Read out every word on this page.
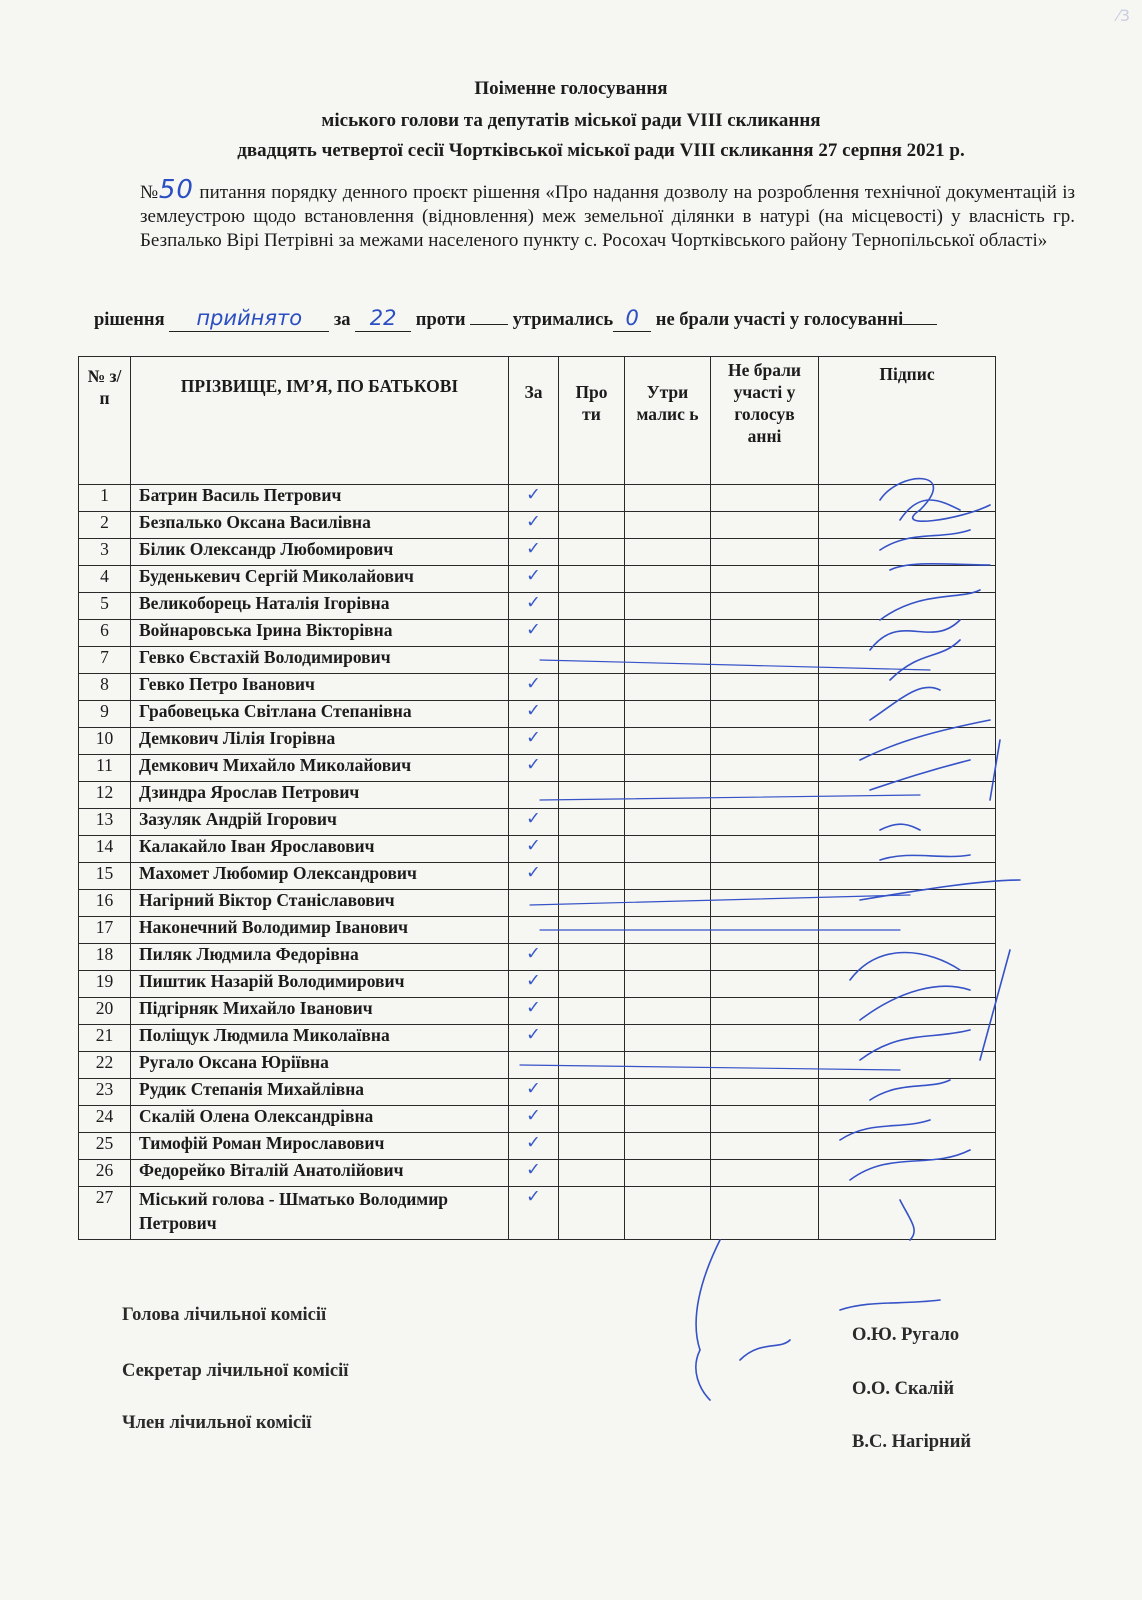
⁄3
Поіменне голосування
міського голови та депутатів міської ради VIII скликання
двадцять четвертої сесії Чортківської міської ради VIII скликання 27 серпня 2021 р.
№50 питання порядку денного проєкт рішення «Про надання дозволу на розроблення технічної документацій із землеустрою щодо встановлення (відновлення) меж земельної ділянки в натурі (на місцевості) у власність гр. Безпалько Вірі Петрівні за межами населеного пункту с. Росохач Чортківського району Тернопільської області»
рішення прийнято за 22 проти	утримались 0 не брали участі у голосуванні
№ з/п	ПРІЗВИЩЕ, ІМ’Я, ПО БАТЬКОВІ	За	Про ти	Утри малис ь	Не брали участі у голосув анні	Підпис
1	Батрин Василь Петрович	✓				
2	Безпалько Оксана Василівна	✓				
3	Білик Олександр Любомирович	✓				
4	Буденькевич Сергій Миколайович	✓				
5	Великоборець Наталія Ігорівна	✓				
6	Войнаровська Ірина Вікторівна	✓				
7	Гевко Євстахій Володимирович					
8	Гевко Петро Іванович	✓				
9	Грабовецька Світлана Степанівна	✓				
10	Демкович Лілія Ігорівна	✓				
11	Демкович Михайло Миколайович	✓				
12	Дзиндра Ярослав Петрович					
13	Зазуляк Андрій Ігорович	✓				
14	Калакайло Іван Ярославович	✓				
15	Махомет Любомир Олександрович	✓				
16	Нагірний Віктор Станіславович					
17	Наконечний Володимир Іванович					
18	Пиляк Людмила Федорівна	✓				
19	Пиштик Назарій Володимирович	✓				
20	Підгірняк Михайло Іванович	✓				
21	Поліщук Людмила Миколаївна	✓				
22	Ругало Оксана Юріївна					
23	Рудик Степанія Михайлівна	✓				
24	Скалій Олена Олександрівна	✓				
25	Тимофій Роман Мирославович	✓				
26	Федорейко Віталій Анатолійович	✓				
27	Міський голова - Шматько Володимир Петрович	✓				
Голова лічильної комісії
О.Ю. Ругало
Секретар лічильної комісії
О.О. Скалій
Член лічильної комісії
В.С. Нагірний
